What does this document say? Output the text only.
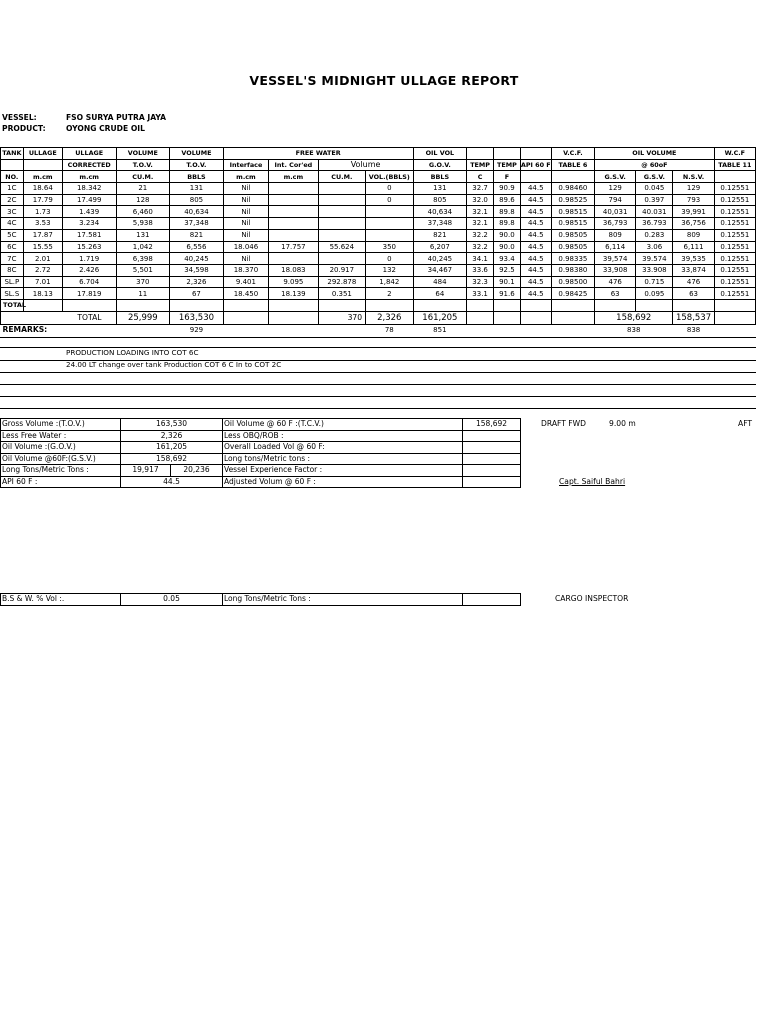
VESSEL'S MIDNIGHT ULLAGE REPORT
VESSEL:	FSO SURYA PUTRA JAYA
PRODUCT:	OYONG CRUDE OIL
TANK	ULLAGE	ULLAGE	VOLUME	VOLUME	FREE WATER				OIL VOL				V.C.F.	OIL VOLUME			W.C.F
		CORRECTED	T.O.V.	T.O.V.	Interface	Int. Cor'ed	Volume		G.O.V.	TEMP	TEMP	API 60 F	TABLE 6	@ 60oF			TABLE 11
NO.	m.cm	m.cm	CU.M.	BBLS	m.cm	m.cm	CU.M.	VOL.(BBLS)	BBLS	C	F			G.S.V.	G.S.V.	N.S.V.	
1C	18.64	18.342	21	131	Nil			0	131	32.7	90.9	44.5	0.98460	129	0.045	129	0.12551
2C	17.79	17.499	128	805	Nil			0	805	32.0	89.6	44.5	0.98525	794	0.397	793	0.12551
3C	1.73	1.439	6,460	40,634	Nil				40,634	32.1	89.8	44.5	0.98515	40,031	40.031	39,991	0.12551
4C	3.53	3.234	5,938	37,348	Nil				37,348	32.1	89.8	44.5	0.98515	36,793	36.793	36,756	0.12551
5C	17.87	17.581	131	821	Nil				821	32.2	90.0	44.5	0.98505	809	0.283	809	0.12551
6C	15.55	15.263	1,042	6,556	18.046	17.757	55.624	350	6,207	32.2	90.0	44.5	0.98505	6,114	3.06	6,111	0.12551
7C	2.01	1.719	6,398	40,245	Nil			0	40,245	34.1	93.4	44.5	0.98335	39,574	39.574	39,535	0.12551
8C	2.72	2.426	5,501	34,598	18.370	18.083	20.917	132	34,467	33.6	92.5	44.5	0.98380	33,908	33.908	33,874	0.12551
SL.P	7.01	6.704	370	2,326	9.401	9.095	292.878	1,842	484	32.3	90.1	44.5	0.98500	476	0.715	476	0.12551
SL.S	18.13	17.819	11	67	18.450	18.139	0.351	2	64	33.1	91.6	44.5	0.98425	63	0.095	63	0.12551
TOTAL																	
TOTAL			25,999	163,530			370	2,326	161,205					158,692		158,537	
REMARKS:				929				78	851					838		838	
PRODUCTION LOADING INTO COT 6C
24.00 LT change over tank Production COT 6 C In to COT 2C
Gross Volume :(T.O.V.)	163,530		Oil Volume @ 60 F :(T.C.V.)	158,692
Less Free Water :	2,326		Less OBQ/ROB :	
Oil Volume :(G.O.V.)	161,205		Overall Loaded Vol @ 60 F:	
Oil Volume @60F:(G.S.V.)	158,692		Long tons/Metric tons :	
Long Tons/Metric Tons :	19,917	20,236	Vessel Experience Factor :	
API 60 F :	44.5		Adjusted Volum @ 60 F :	
DRAFT FWD	9.00 m	AFT
Capt. Saiful Bahri
B.S & W. % Vol :.	0.05	Long Tons/Metric Tons :		CARGO INSPECTOR
